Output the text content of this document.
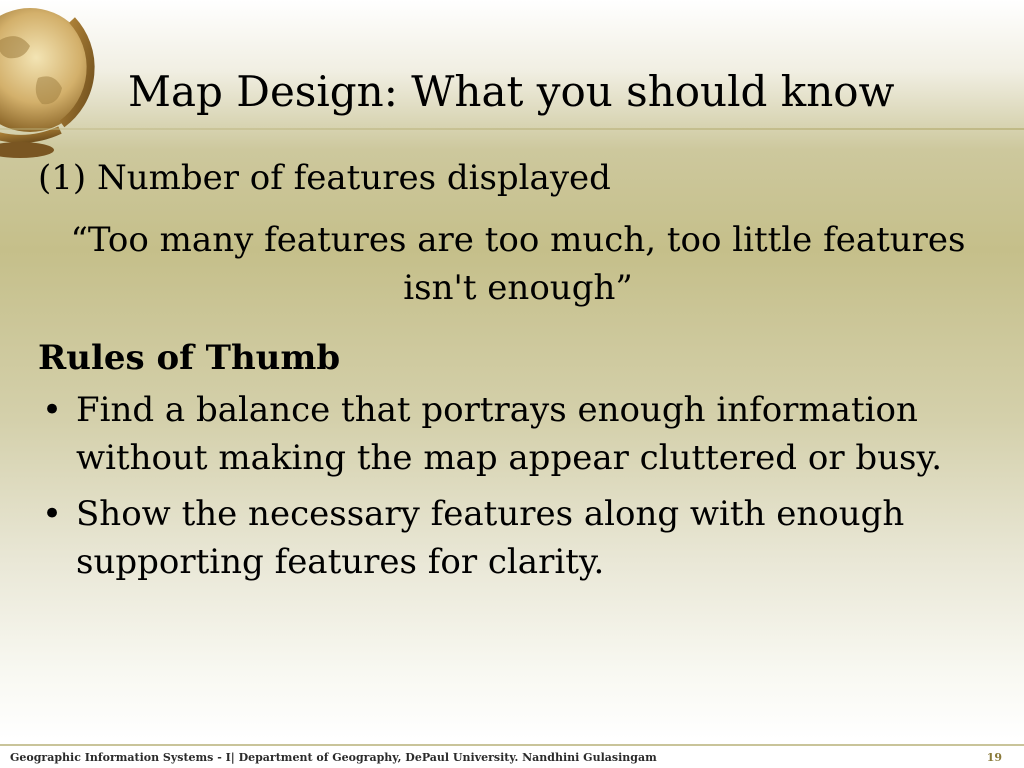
Map Design: What you should know

(1) Number of features displayed

“Too many features are too much, too little features isn't enough”

Rules of Thumb

• Find a balance that portrays enough information without making the map appear cluttered or busy.
• Show the necessary features along with enough supporting features for clarity.
Geographic Information Systems - I| Department of Geography, DePaul University. Nandhini Gulasingam	19
